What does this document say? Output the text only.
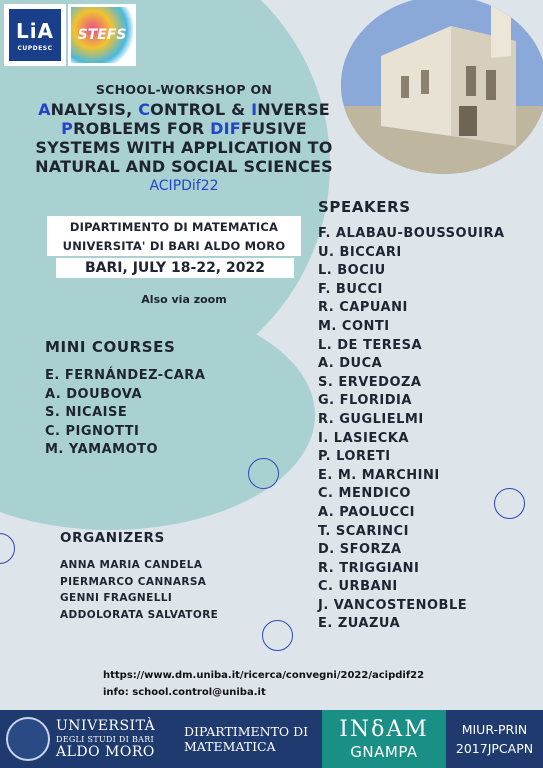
LiA
CUPDESC
STEFS
SCHOOL-WORKSHOP ON
ANALYSIS, CONTROL & INVERSE
PROBLEMS FOR DIFFUSIVE
SYSTEMS WITH APPLICATION TO
NATURAL AND SOCIAL SCIENCES
ACIPDif22
DIPARTIMENTO DI MATEMATICA
UNIVERSITA' DI BARI ALDO MORO
BARI, JULY 18-22, 2022
Also via zoom
MINI COURSES
E. FERNÁNDEZ-CARA
A. DOUBOVA
S. NICAISE
C. PIGNOTTI
M. YAMAMOTO
SPEAKERS
F. ALABAU-BOUSSOUIRA
U. BICCARI
L. BOCIU
F. BUCCI
R. CAPUANI
M. CONTI
L. DE TERESA
A. DUCA
S. ERVEDOZA
G. FLORIDIA
R. GUGLIELMI
I. LASIECKA
P. LORETI
E. M. MARCHINI
C. MENDICO
A. PAOLUCCI
T. SCARINCI
D. SFORZA
R. TRIGGIANI
C. URBANI
J. VANCOSTENOBLE
E. ZUAZUA
ORGANIZERS
ANNA MARIA CANDELA
PIERMARCO CANNARSA
GENNI FRAGNELLI
ADDOLORATA SALVATORE
https://www.dm.uniba.it/ricerca/convegni/2022/acipdif22
info: school.control@uniba.it
UNIVERSITÀ
DEGLI STUDI DI BARI
ALDO MORO
DIPARTIMENTO DI
MATEMATICA
INδAM
GNAMPA
MIUR-PRIN
2017JPCAPN
